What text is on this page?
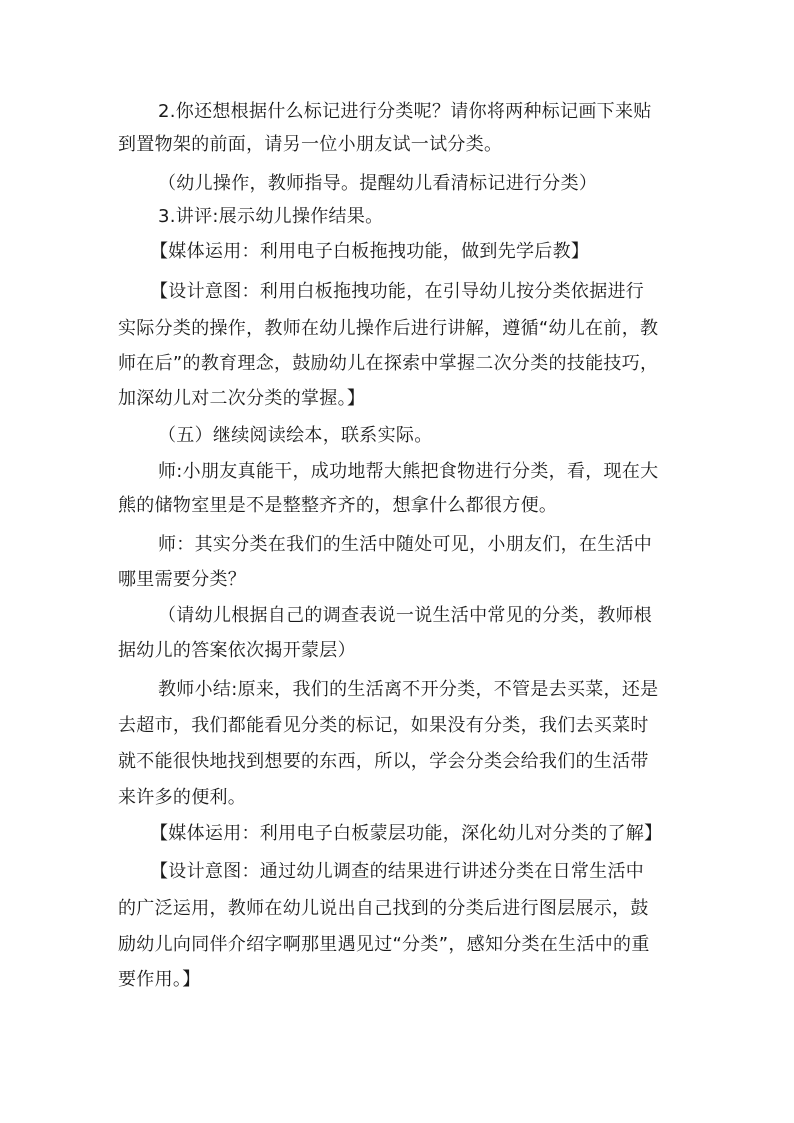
2.你还想根据什么标记进行分类呢？请你将两种标记画下来贴
到置物架的前面，请另一位小朋友试一试分类。
（幼儿操作，教师指导。提醒幼儿看清标记进行分类）
3.讲评:展示幼儿操作结果。
【媒体运用：利用电子白板拖拽功能，做到先学后教】
【设计意图：利用白板拖拽功能，在引导幼儿按分类依据进行
实际分类的操作，教师在幼儿操作后进行讲解，遵循“幼儿在前，教
师在后”的教育理念，鼓励幼儿在探索中掌握二次分类的技能技巧，
加深幼儿对二次分类的掌握。】
（五）继续阅读绘本，联系实际。
师:小朋友真能干，成功地帮大熊把食物进行分类，看，现在大
熊的储物室里是不是整整齐齐的，想拿什么都很方便。
师：其实分类在我们的生活中随处可见，小朋友们，在生活中
哪里需要分类？
（请幼儿根据自己的调查表说一说生活中常见的分类，教师根
据幼儿的答案依次揭开蒙层）
教师小结:原来，我们的生活离不开分类，不管是去买菜，还是
去超市，我们都能看见分类的标记，如果没有分类，我们去买菜时
就不能很快地找到想要的东西，所以，学会分类会给我们的生活带
来许多的便利。
【媒体运用：利用电子白板蒙层功能，深化幼儿对分类的了解】
【设计意图：通过幼儿调查的结果进行讲述分类在日常生活中
的广泛运用，教师在幼儿说出自己找到的分类后进行图层展示，鼓
励幼儿向同伴介绍字啊那里遇见过“分类”，感知分类在生活中的重
要作用。】
